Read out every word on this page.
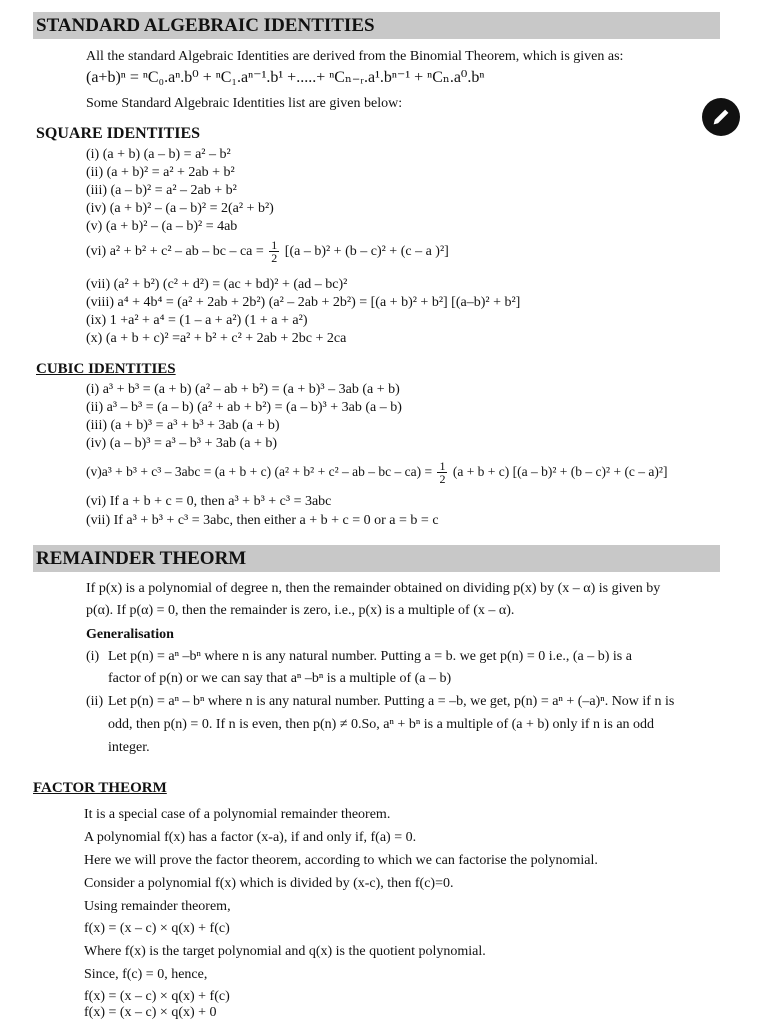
STANDARD ALGEBRAIC IDENTITIES
All the standard Algebraic Identities are derived from the Binomial Theorem, which is given as:
(a+b)ⁿ = ⁿC₀.aⁿ.b⁰ + ⁿC₁.aⁿ⁻¹.b¹ +.....+ ⁿCₙ₋ᵣ.a¹.bⁿ⁻¹ + ⁿCₙ.a⁰.bⁿ
Some Standard Algebraic Identities list are given below:
SQUARE IDENTITIES
(i) (a + b) (a – b) = a² – b²
(ii) (a + b)² = a² + 2ab + b²
(iii) (a – b)² = a² – 2ab + b²
(iv) (a + b)² – (a – b)² = 2(a² + b²)
(v) (a + b)² – (a – b)² = 4ab
(vi) a² + b² + c² – ab – bc – ca = $\frac{1}{2} [(a - b)^2 + (b - c)^2 + (c - a$ )²]
(vii) (a² + b²) (c² + d²) = (ac + bd)² + (ad – bc)²
(viii) a⁴ + 4b⁴ = (a² + 2ab + 2b²) (a² – 2ab + 2b²) = [(a + b)² + b²] [(a–b)² + b²]
(ix) 1 +a² + a⁴ = (1 – a + a²) (1 + a + a²)
(x) (a + b + c)² =a² + b² + c² + 2ab + 2bc + 2ca
CUBIC IDENTITIES
(i) a³ + b³ = (a + b) (a² – ab + b²) = (a + b)³ – 3ab (a + b)
(ii) a³ – b³ = (a – b) (a² + ab + b²) = (a – b)³ + 3ab (a – b)
(iii) (a + b)³ = a³ + b³ + 3ab (a + b)
(iv) (a – b)³ = a³ – b³ + 3ab (a + b)
(v)a³ + b³ + c³ – 3abc = (a + b + c) (a² + b² + c² – ab – bc – $ca) = \frac{1}{2} (a + b + c)$ [(a – b)² + (b – c)² + (c – a)²]
(vi) If a + b + c = 0, then a³ + b³ + c³ = 3abc
(vii) If a³ + b³ + c³ = 3abc, then either a + b + c = 0 or a = b = c
REMAINDER THEORM
If p(x) is a polynomial of degree n, then the remainder obtained on dividing p(x) by (x – α) is given by
p(α). If p(α) = 0, then the remainder is zero, i.e., p(x) is a multiple of (x – α).
Generalisation
(i) Let p(n) = aⁿ –bⁿ where n is any natural number. Putting a = b. we get p(n) = 0 i.e., (a – b) is a
factor of p(n) or we can say that aⁿ –bⁿ is a multiple of (a – b)
(ii) Let p(n) = aⁿ – bⁿ where n is any natural number. Putting a = –b, we get, p(n) = aⁿ + (–a)ⁿ. Now if n is
odd, then p(n) = 0. If n is even, then p(n) ≠ 0.So, aⁿ + bⁿ is a multiple of (a + b) only if n is an odd
integer.
FACTOR THEORM
It is a special case of a polynomial remainder theorem.
A polynomial f(x) has a factor (x-a), if and only if, f(a) = 0.
Here we will prove the factor theorem, according to which we can factorise the polynomial.
Consider a polynomial f(x) which is divided by (x-c), then f(c)=0.
Using remainder theorem,
f(x) = (x – c) × q(x) + f(c)
Where f(x) is the target polynomial and q(x) is the quotient polynomial.
Since, f(c) = 0, hence,
f(x) = (x – c) × q(x) + f(c)
f(x) = (x – c) × q(x) + 0
